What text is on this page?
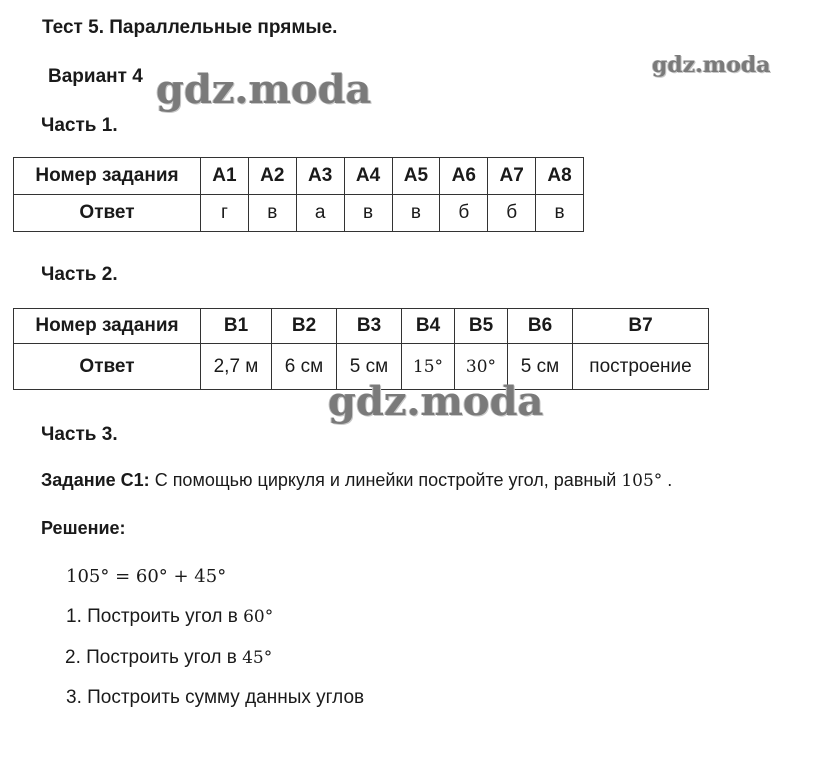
Тест 5. Параллельные прямые.
Вариант 4 gdz.moda
gdz.moda
Часть 1.
Номер задания	A1	A2	A3	A4	A5	A6	A7	A8
Ответ	г	в	а	в	в	б	б	в
Часть 2.
Номер задания	B1	B2	B3	B4	B5	B6	B7
Ответ	2,7 м	6 см	5 см	15°	30°	5 см	построение
gdz.moda
Часть 3.
Задание C1: С помощью циркуля и линейки постройте угол, равный 105° .
Решение:
105° = 60° + 45°
1. Построить угол в 60°
2. Построить угол в 45°
3. Построить сумму данных углов
